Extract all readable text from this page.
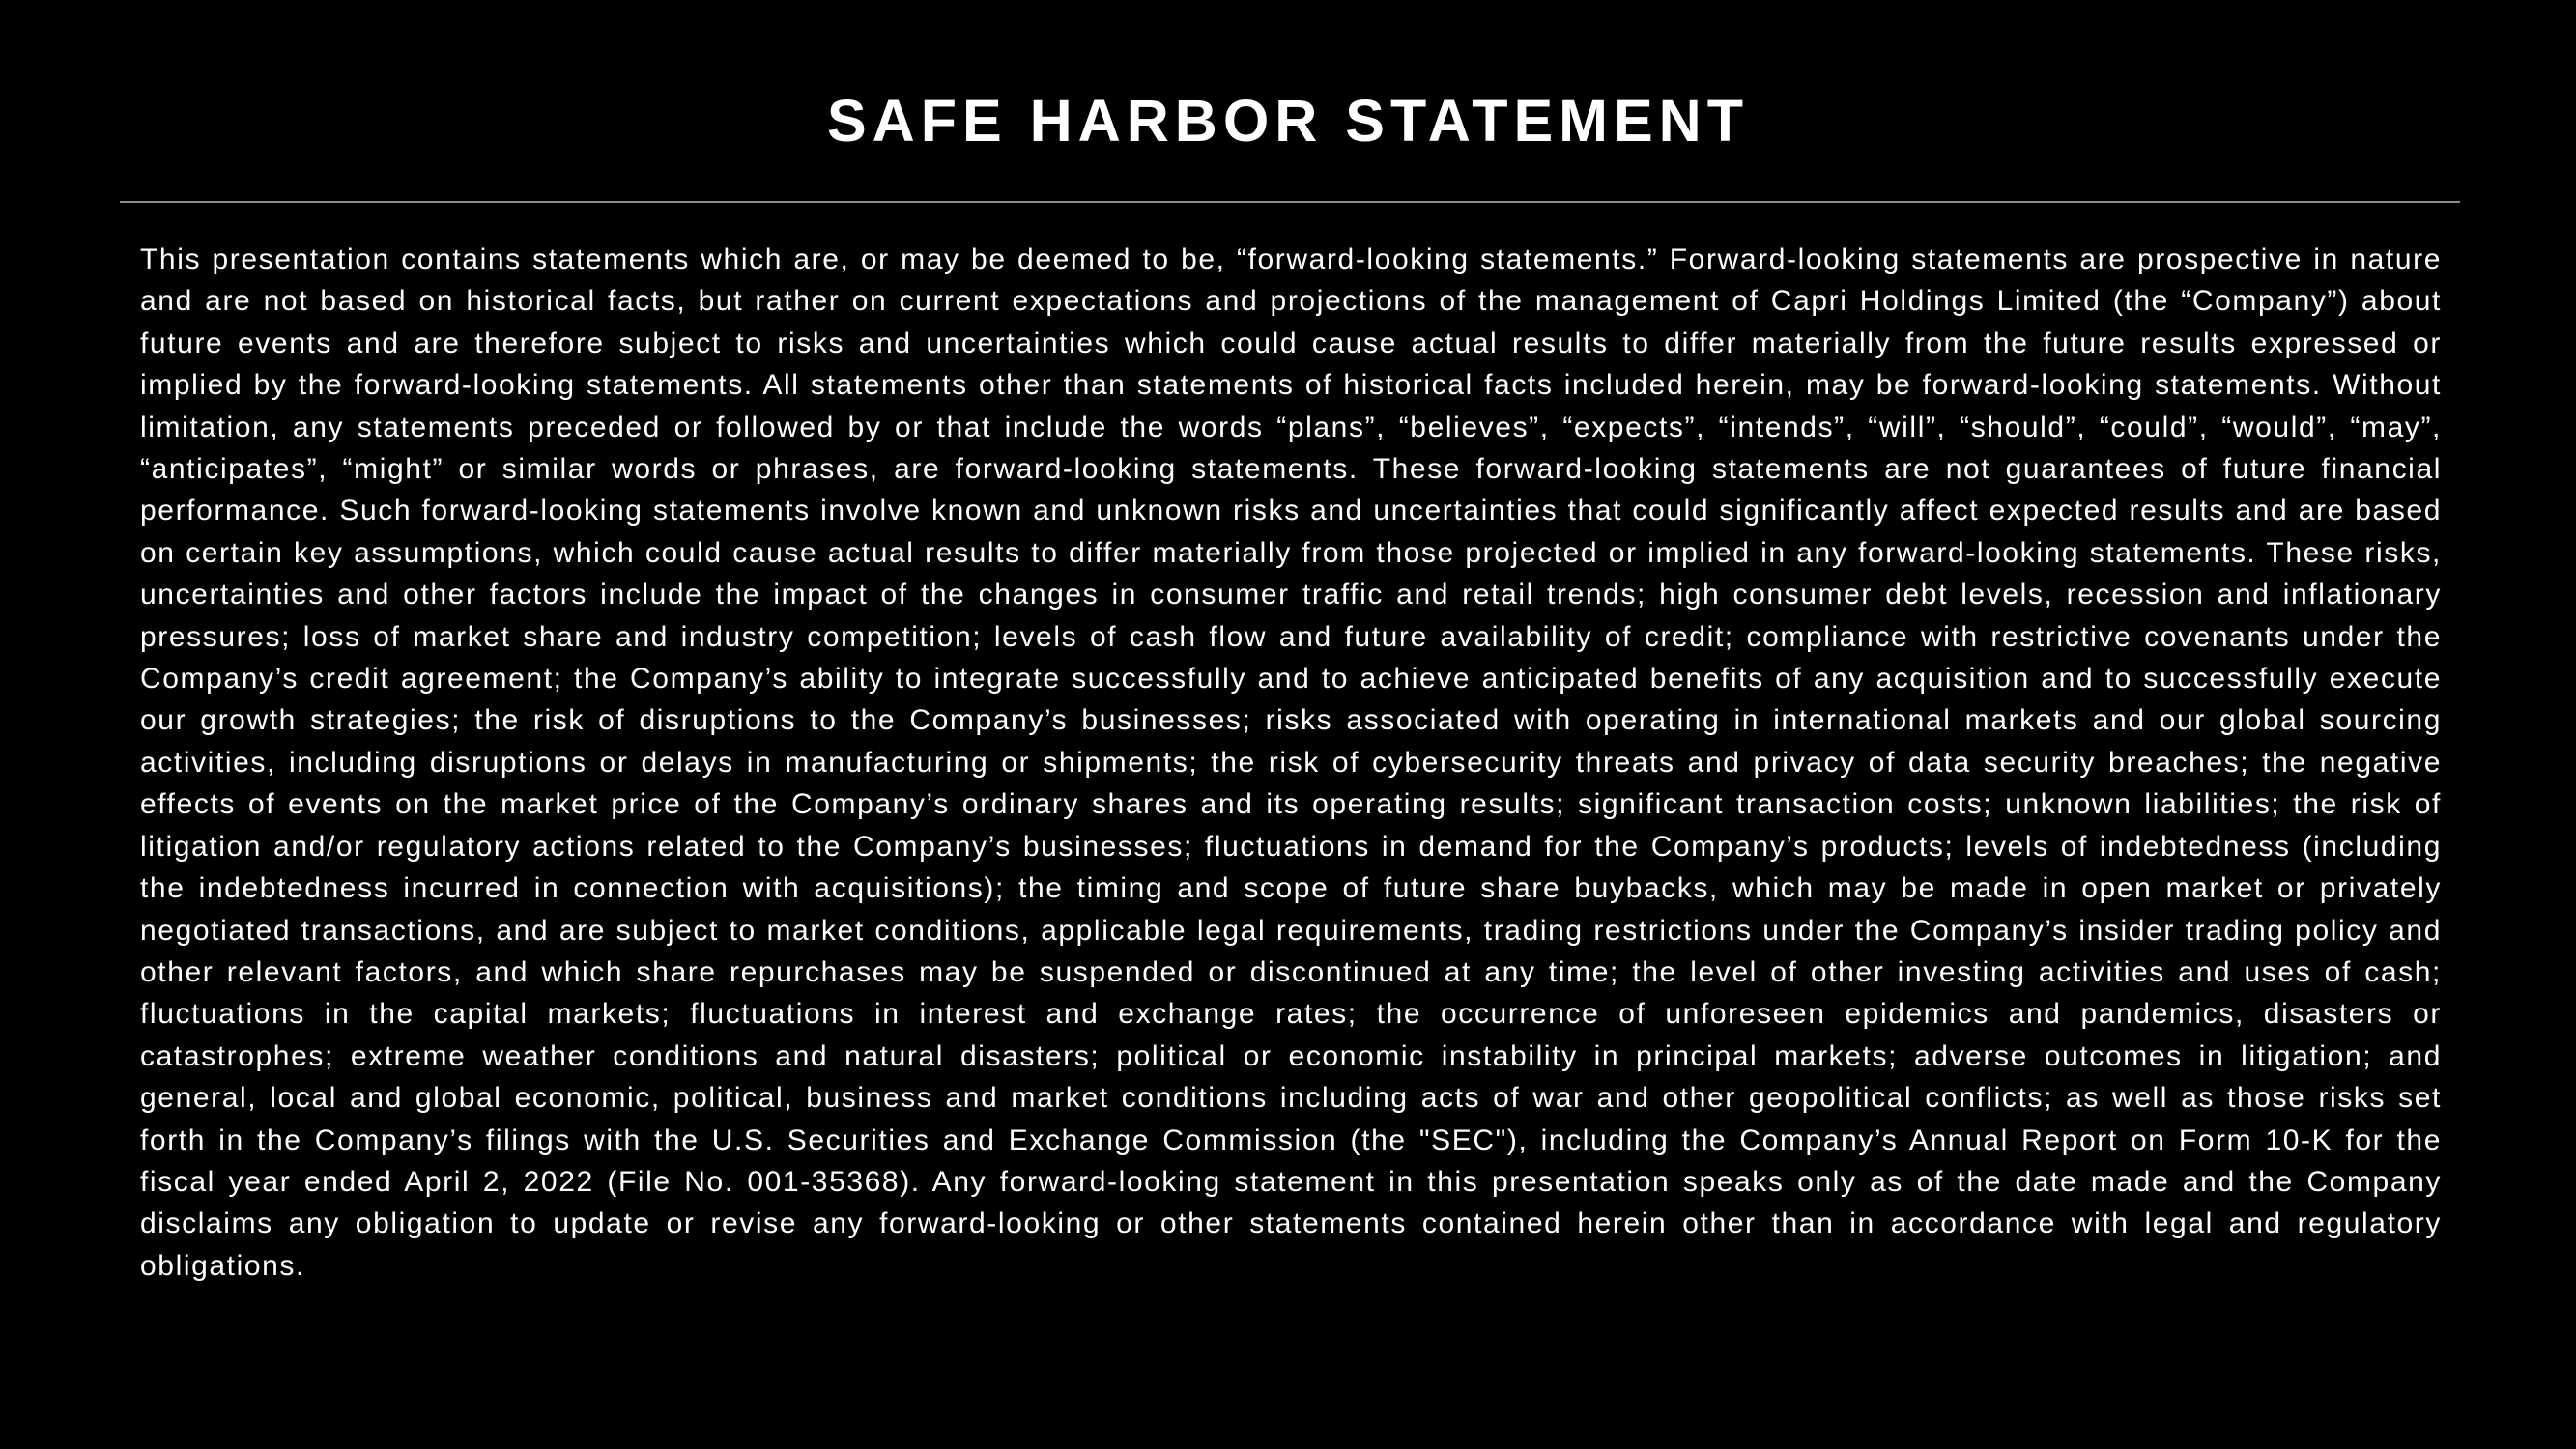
SAFE HARBOR STATEMENT

This presentation contains statements which are, or may be deemed to be, “forward-looking statements.” Forward-looking statements are prospective in nature and are not based on historical facts, but rather on current expectations and projections of the management of Capri Holdings Limited (the “Company”) about future events and are therefore subject to risks and uncertainties which could cause actual results to differ materially from the future results expressed or implied by the forward-looking statements. All statements other than statements of historical facts included herein, may be forward-looking statements. Without limitation, any statements preceded or followed by or that include the words “plans”, “believes”, “expects”, “intends”, “will”, “should”, “could”, “would”, “may”, “anticipates”, “might” or similar words or phrases, are forward-looking statements. These forward-looking statements are not guarantees of future financial performance. Such forward-looking statements involve known and unknown risks and uncertainties that could significantly affect expected results and are based on certain key assumptions, which could cause actual results to differ materially from those projected or implied in any forward-looking statements. These risks, uncertainties and other factors include the impact of the changes in consumer traffic and retail trends; high consumer debt levels, recession and inflationary pressures; loss of market share and industry competition; levels of cash flow and future availability of credit; compliance with restrictive covenants under the Company’s credit agreement; the Company’s ability to integrate successfully and to achieve anticipated benefits of any acquisition and to successfully execute our growth strategies; the risk of disruptions to the Company’s businesses; risks associated with operating in international markets and our global sourcing activities, including disruptions or delays in manufacturing or shipments; the risk of cybersecurity threats and privacy of data security breaches; the negative effects of events on the market price of the Company’s ordinary shares and its operating results; significant transaction costs; unknown liabilities; the risk of litigation and/or regulatory actions related to the Company’s businesses; fluctuations in demand for the Company’s products; levels of indebtedness (including the indebtedness incurred in connection with acquisitions); the timing and scope of future share buybacks, which may be made in open market or privately negotiated transactions, and are subject to market conditions, applicable legal requirements, trading restrictions under the Company’s insider trading policy and other relevant factors, and which share repurchases may be suspended or discontinued at any time; the level of other investing activities and uses of cash; fluctuations in the capital markets; fluctuations in interest and exchange rates; the occurrence of unforeseen epidemics and pandemics, disasters or catastrophes; extreme weather conditions and natural disasters; political or economic instability in principal markets; adverse outcomes in litigation; and general, local and global economic, political, business and market conditions including acts of war and other geopolitical conflicts; as well as those risks set forth in the Company’s filings with the U.S. Securities and Exchange Commission (the "SEC"), including the Company’s Annual Report on Form 10-K for the fiscal year ended April 2, 2022 (File No. 001-35368). Any forward-looking statement in this presentation speaks only as of the date made and the Company disclaims any obligation to update or revise any forward-looking or other statements contained herein other than in accordance with legal and regulatory obligations.
